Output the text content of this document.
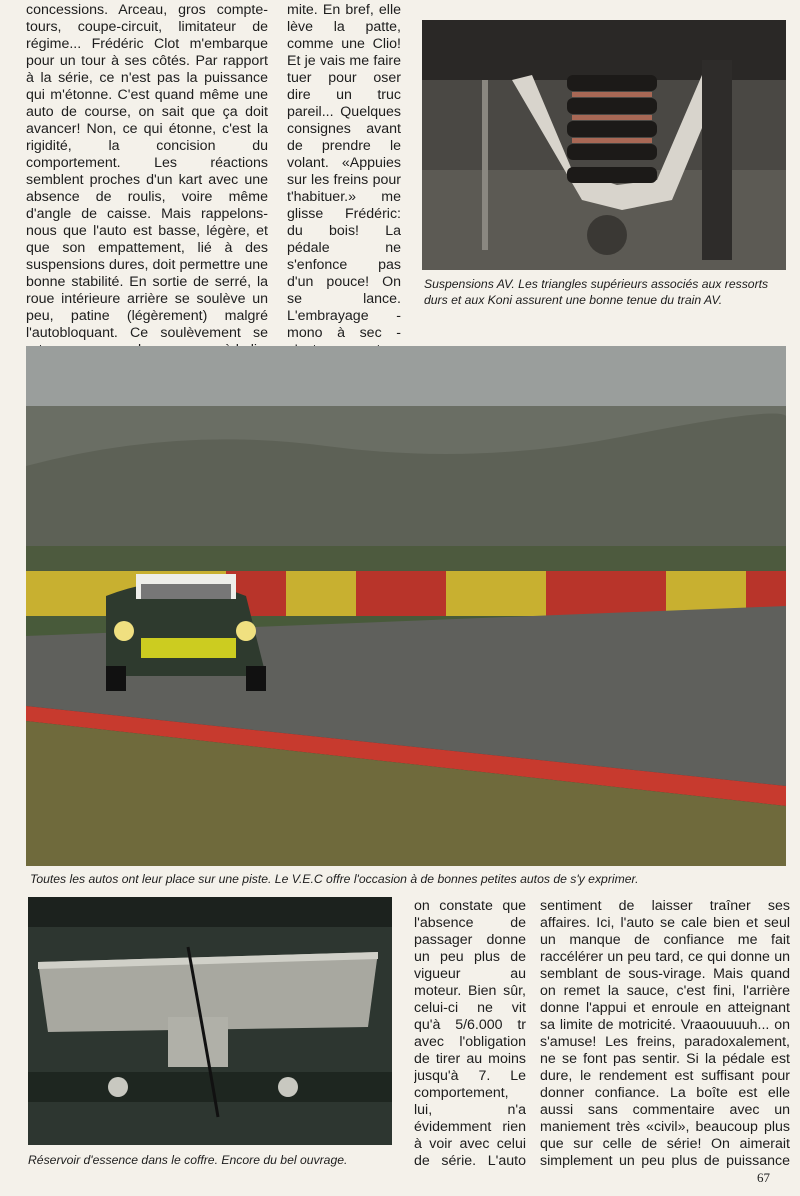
concessions. Arceau, gros compte-tours, coupe-circuit, limitateur de régime... Frédéric Clot m'embarque pour un tour à ses côtés. Par rapport à la série, ce n'est pas la puissance qui m'étonne. C'est quand même une auto de course, on sait que ça doit avancer! Non, ce qui étonne, c'est la rigidité, la concision du comportement. Les réactions semblent proches d'un kart avec une absence de roulis, voire même d'angle de caisse. Mais rappelons-nous que l'auto est basse, légère, et que son empattement, lié à des suspensions dures, doit permettre une bonne stabilité. En sortie de serré, la roue intérieure arrière se soulève un peu, patine (légèrement) malgré l'autobloquant. Ce soulèvement se
mite. En bref, elle lève la patte, comme une Clio! Et je vais me faire tuer pour oser dire un truc pareil... Quelques consignes avant de prendre le volant. «Appuies sur les freins pour t'habituer.» me glisse Frédéric: du bois! La pédale ne s'enfonce pas d'un pouce! On se lance. L'embrayage - mono à sec -
Suspensions AV. Les triangles supérieurs associés aux ressorts durs et aux Koni assurent une bonne tenue du train AV.
Toutes les autos ont leur place sur une piste. Le V.E.C offre l'occasion à de bonnes petites autos de s'y exprimer.
Réservoir d'essence dans le coffre. Encore du bel ouvrage.
on constate que l'absence de passager donne un peu plus de vigueur au moteur. Bien sûr, celui-ci ne vit qu'à 5/6.000 tr avec l'obligation de tirer au moins jusqu'à 7. Le comportement, lui, n'a évidemment rien à voir avec celui de série. L'auto
sentiment de laisser traîner ses affaires. Ici, l'auto se cale bien et seul un manque de confiance me fait raccélérer un peu tard, ce qui donne un semblant de sous-virage. Mais quand on remet la sauce, c'est fini, l'arrière donne l'appui et enroule en atteignant sa limite de motricité. Vraaouuuuh... on s'amuse! Les freins, paradoxalement, ne se font pas sentir. Si la pédale est dure, le rendement est suffisant pour donner confiance. La boîte est elle aussi sans commentaire avec un maniement très «civil», beaucoup plus que sur celle de série! On aimerait simplement un peu plus de puissance
67
